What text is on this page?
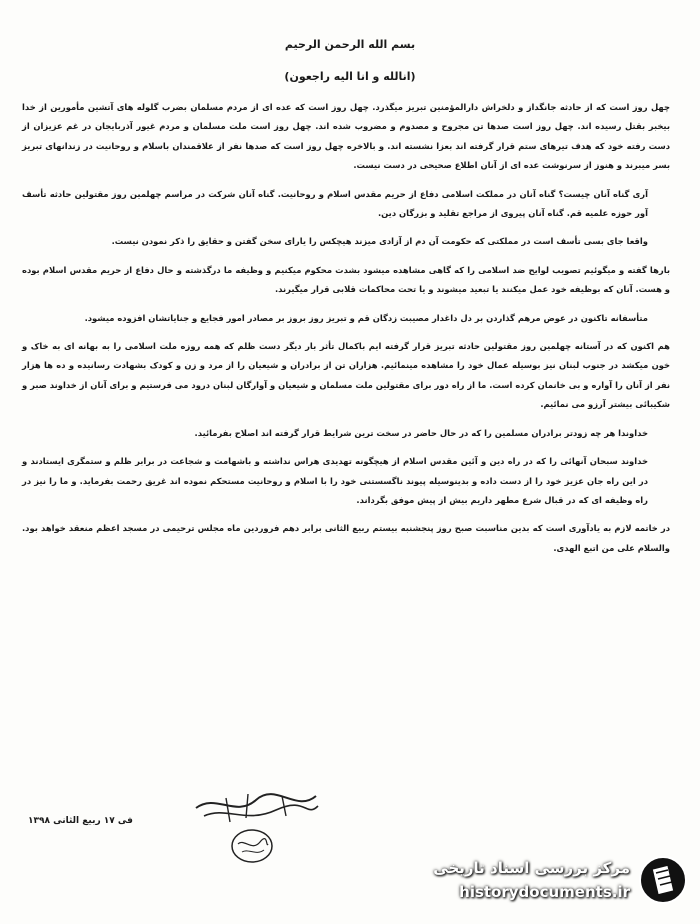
بسم الله الرحمن الرحیم
(انالله و انا الیه راجعون)

چهل روز است که از حادثه جانگداز و دلخراش دارالمؤمنین تبریز میگذرد. چهل روز است که عده ای از مردم مسلمان بضرب گلوله های آتشین مأمورین از خدا بیخبر بقتل رسیده اند. چهل روز است صدها تن مجروح و مصدوم و مضروب شده اند. چهل روز است ملت مسلمان و مردم غیور آذربایجان در غم عزیزان از دست رفته خود که هدف تیرهای ستم قرار گرفته اند بعزا نشسته اند. و بالاخره چهل روز است که صدها نفر از علاقمندان باسلام و روحانیت در زندانهای تبریز بسر میبرند و هنوز از سرنوشت عده ای از آنان اطلاع صحیحی در دست نیست.

آری گناه آنان چیست؟ گناه آنان در مملکت اسلامی دفاع از حریم مقدس اسلام و روحانیت. گناه آنان شرکت در مراسم چهلمین روز مقتولین حادثه تأسف آور حوزه علمیه قم. گناه آنان پیروی از مراجع تقلید و بزرگان دین.

واقعا جای بسی تأسف است در مملکتی که حکومت آن دم از آزادی میزند هیچکس را یارای سخن گفتن و حقایق را ذکر نمودن نیست.

بارها گفته و میگوئیم تصویب لوایح ضد اسلامی را که گاهی مشاهده میشود بشدت محکوم میکنیم و وظیفه ما درگذشته و حال دفاع از حریم مقدس اسلام بوده و هست. آنان که بوظیفه خود عمل میکنند یا تبعید میشوند و یا تحت محاکمات قلابی قرار میگیرند.

متأسفانه تاکنون در عوض مرهم گذاردن بر دل داغدار مصیبت زدگان قم و تبریز روز بروز بر مصادر امور فجایع و جنایاتشان افزوده میشود.

هم اکنون که در آستانه چهلمین روز مقتولین حادثه تبریز قرار گرفته ایم باکمال تأثر بار دیگر دست ظلم که همه روزه ملت اسلامی را به بهانه ای به خاک و خون میکشد در جنوب لبنان نیز بوسیله عمال خود را مشاهده مینمائیم. هزاران تن از برادران و شیعیان را از مرد و زن و کودک بشهادت رسانیده و ده ها هزار نفر از آنان را آواره و بی خانمان کرده است. ما از راه دور برای مقتولین ملت مسلمان و شیعیان و آوارگان لبنان درود می فرستیم و برای آنان از خداوند صبر و شکیبائی بیشتر آرزو می نمائیم.

خداوندا هر چه زودتر برادران مسلمین را که در حال حاضر در سخت ترین شرایط قرار گرفته اند اصلاح بفرمائید.

خداوند سبحان آنهائی را که در راه دین و آئین مقدس اسلام از هیچگونه تهدیدی هراس نداشته و باشهامت و شجاعت در برابر ظلم و ستمگری ایستادند و در این راه جان عزیز خود را از دست داده و بدینوسیله پیوند ناگسستنی خود را با اسلام و روحانیت مستحکم نموده اند غریق رحمت بفرماید. و ما را نیز در راه وظیفه ای که در قبال شرع مطهر داریم بیش از پیش موفق بگرداند.

در خاتمه لازم به یادآوری است که بدین مناسبت صبح روز پنجشنبه بیستم ربیع الثانی برابر دهم فروردین ماه مجلس ترحیمی در مسجد اعظم منعقد خواهد بود. والسلام علی من اتبع الهدی.

فی ۱۷ ربیع الثانی ۱۳۹۸
مرکز بررسی اسناد تاریخی
historydocuments.ir
